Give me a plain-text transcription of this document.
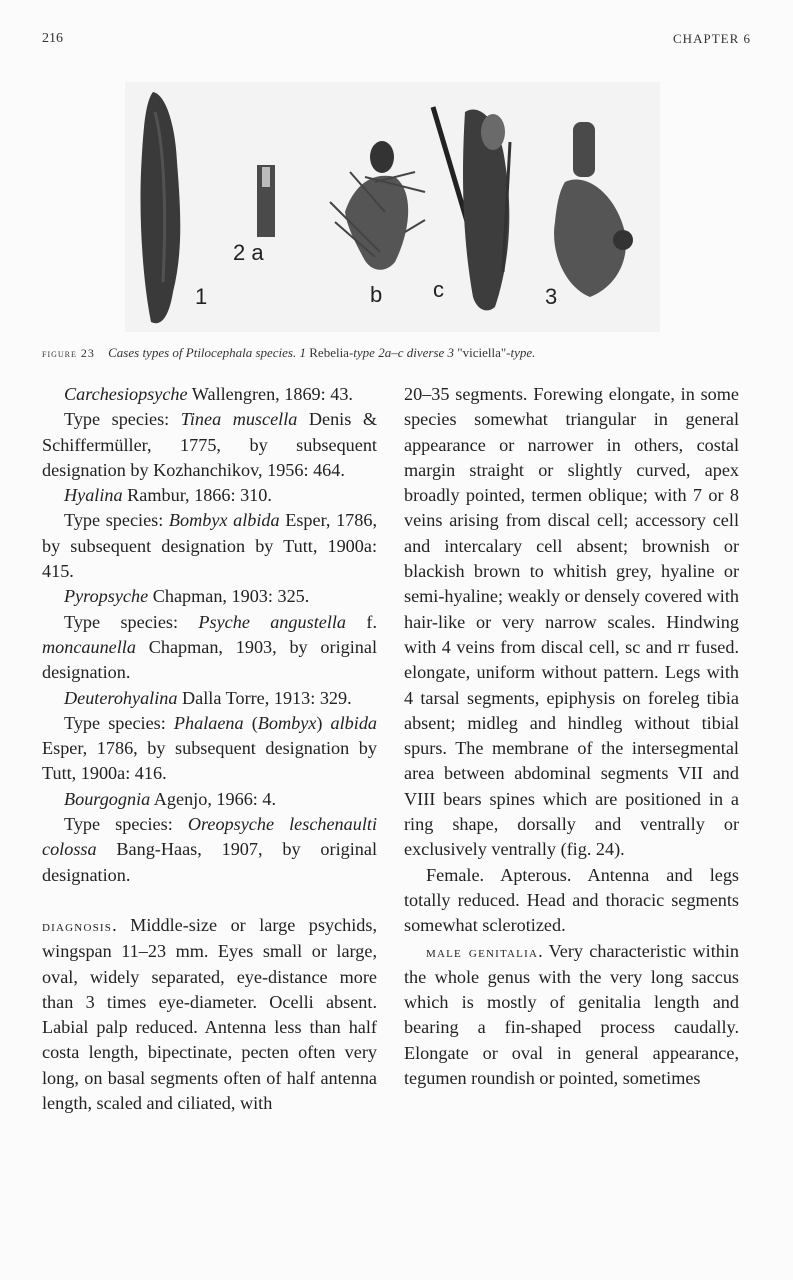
216	CHAPTER 6
1
2 a
b c	3
figure 23 Cases types of Ptilocephala species. 1 Rebelia-type 2a–c diverse 3 "viciella"-type.

Carchesiopsyche Wallengren, 1869: 43.

Type species: Tinea muscella Denis & Schiffermüller, 1775, by subsequent designation by Kozhanchikov, 1956: 464.

Hyalina Rambur, 1866: 310.

Type species: Bombyx albida Esper, 1786, by subsequent designation by Tutt, 1900a: 415.

Pyropsyche Chapman, 1903: 325.

Type species: Psyche angustella f. moncaunella Chapman, 1903, by original designation.

Deuterohyalina Dalla Torre, 1913: 329.

Type species: Phalaena (Bombyx) albida Esper, 1786, by subsequent designation by Tutt, 1900a: 416.

Bourgognia Agenjo, 1966: 4.

Type species: Oreopsyche leschenaulti colossa Bang-Haas, 1907, by original designation.

diagnosis. Middle-size or large psychids, wingspan 11–23 mm. Eyes small or large, oval, widely separated, eye-distance more than 3 times eye-diameter. Ocelli absent. Labial palp reduced. Antenna less than half costa length, bipectinate, pecten often very long, on basal segments often of half antenna length, scaled and ciliated, with

20–35 segments. Forewing elongate, in some species somewhat triangular in general appearance or narrower in others, costal margin straight or slightly curved, apex broadly pointed, termen oblique; with 7 or 8 veins arising from discal cell; accessory cell and intercalary cell absent; brownish or blackish brown to whitish grey, hyaline or semi-hyaline; weakly or densely covered with hair-like or very narrow scales. Hindwing with 4 veins from discal cell, sc and rr fused. elongate, uniform without pattern. Legs with 4 tarsal segments, epiphysis on foreleg tibia absent; midleg and hindleg without tibial spurs. The membrane of the intersegmental area between abdominal segments VII and VIII bears spines which are positioned in a ring shape, dorsally and ventrally or exclusively ventrally (fig. 24).

Female. Apterous. Antenna and legs totally reduced. Head and thoracic segments somewhat sclerotized.

male genitalia. Very characteristic within the whole genus with the very long saccus which is mostly of genitalia length and bearing a fin-shaped process caudally. Elongate or oval in general appearance, tegumen roundish or pointed, sometimes
